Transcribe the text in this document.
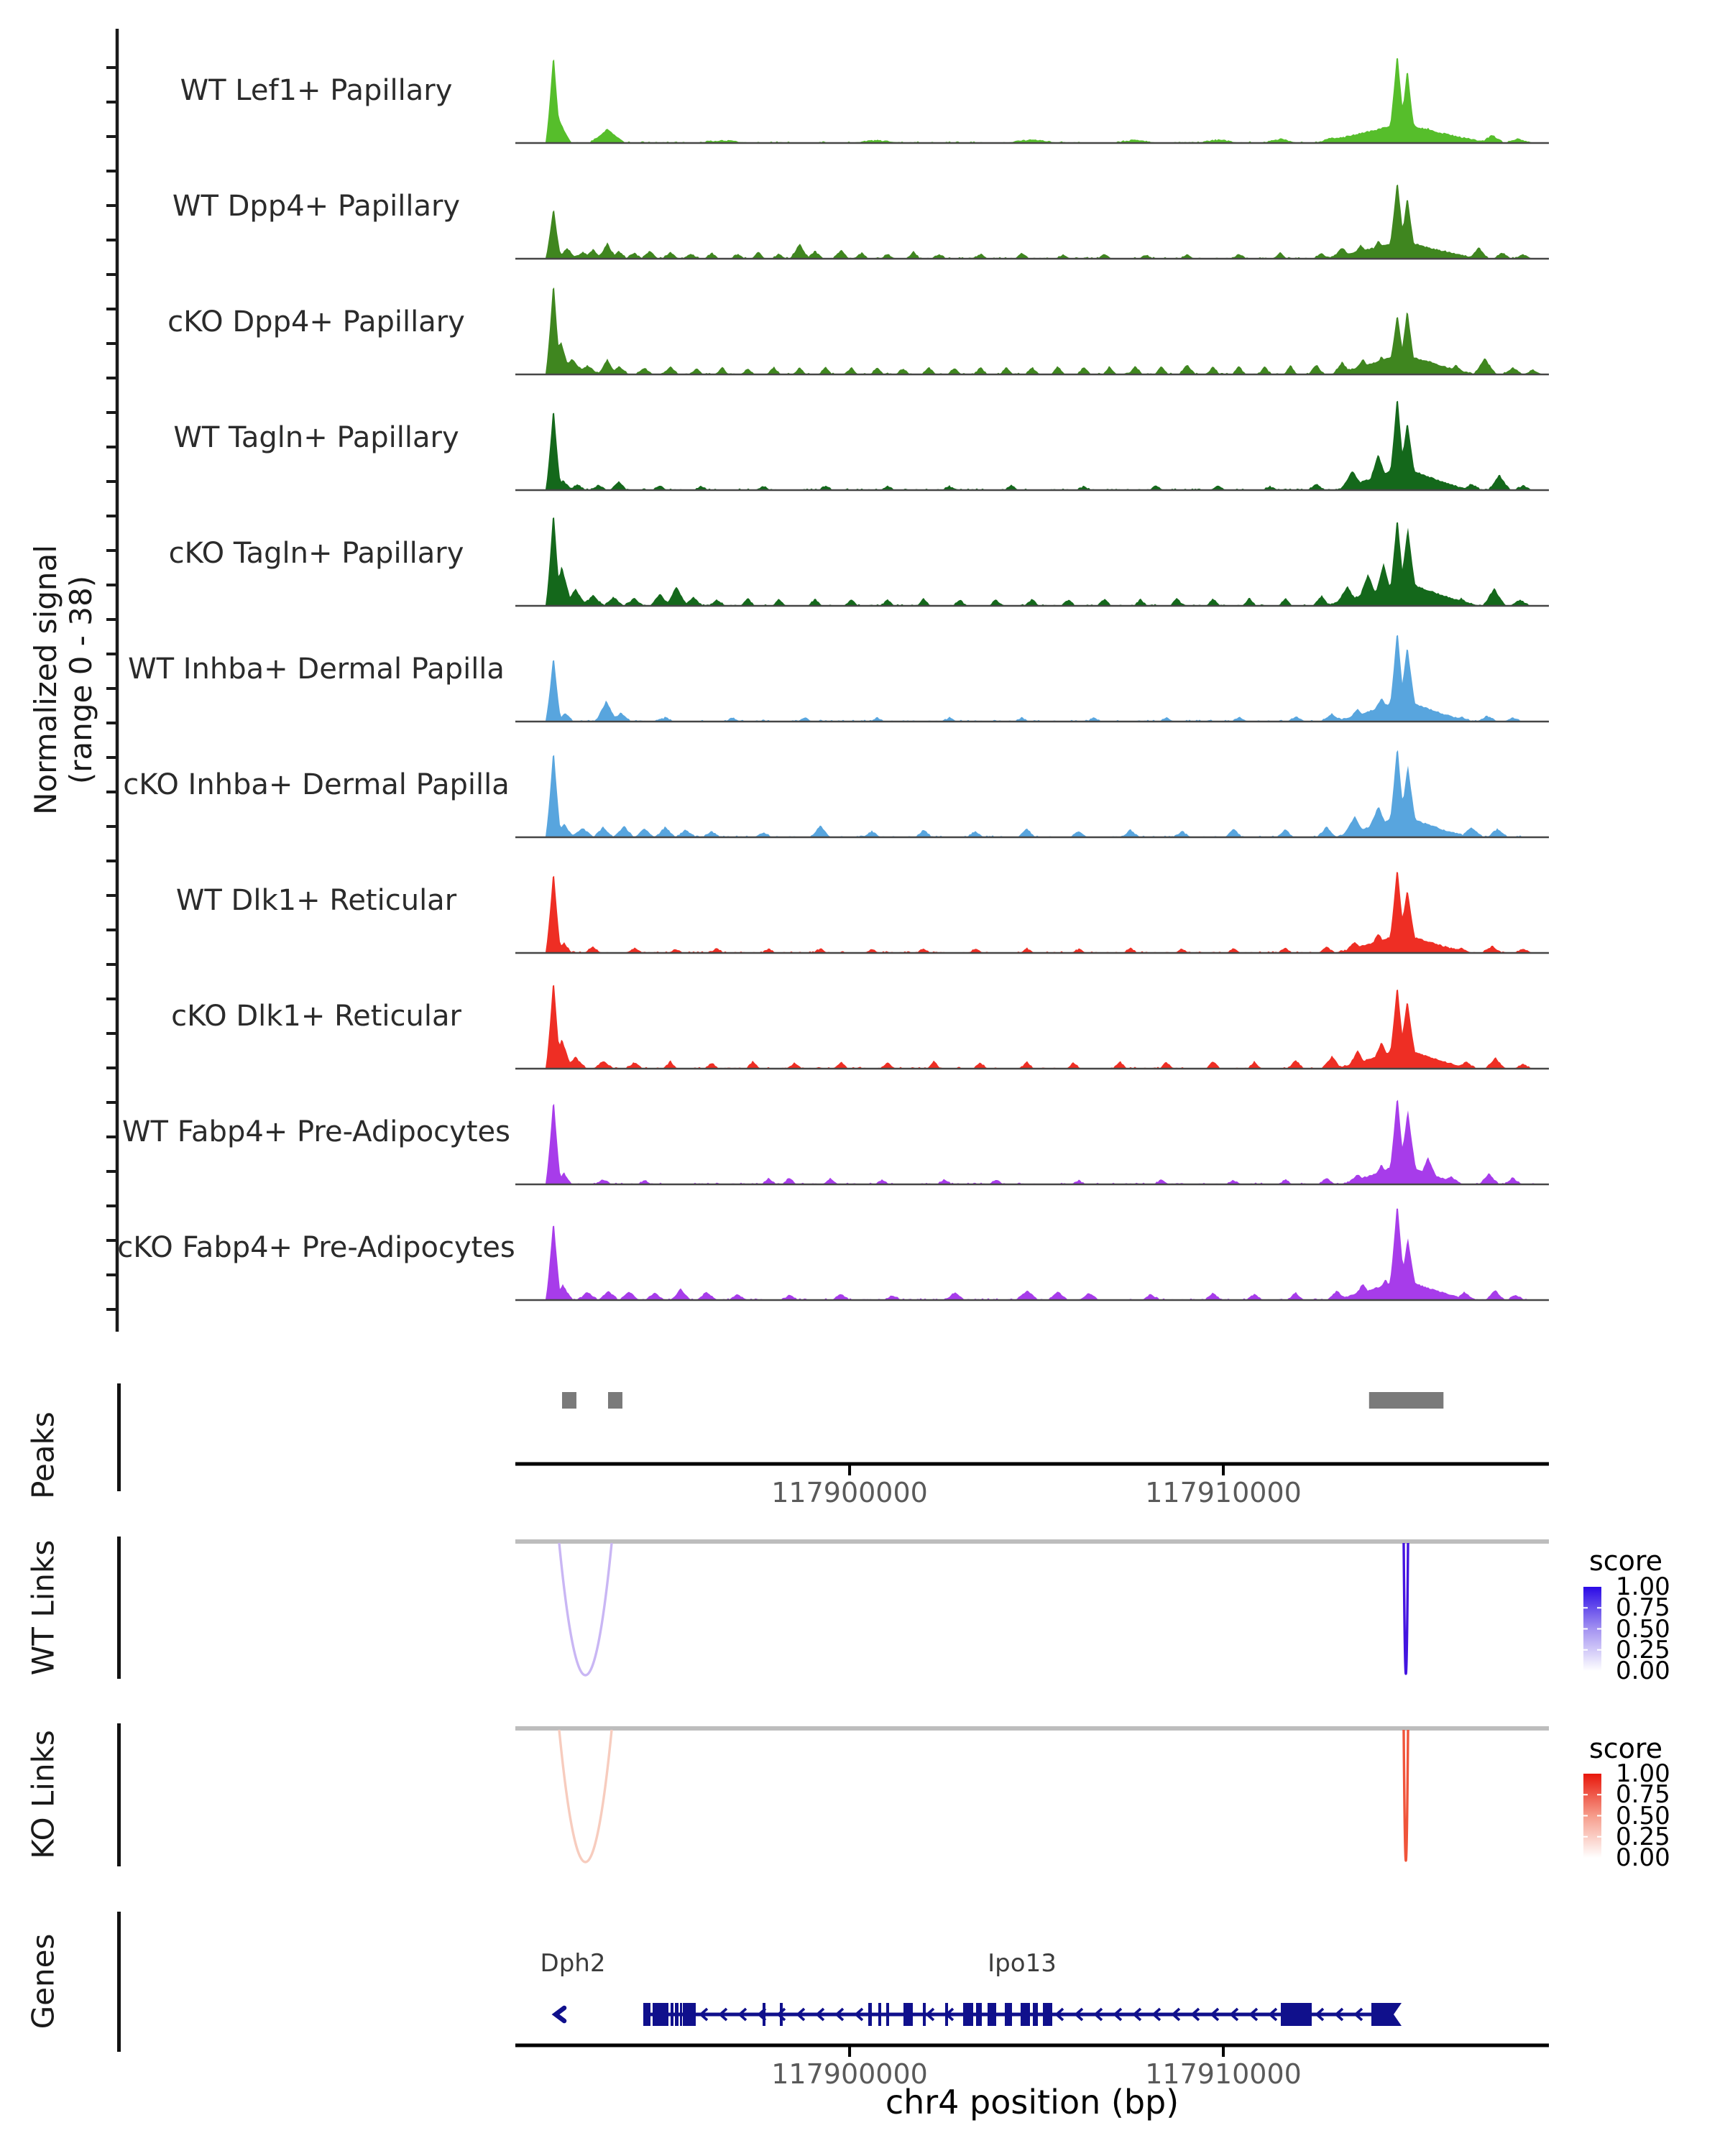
Normalized signal (range 0 - 38)
Peaks
WT Links
KO Links
Genes
score
score
chr4 position (bp)
WT Lef1+ Papillary
WT Dpp4+ Papillary
cKO Dpp4+ Papillary
WT Tagln+ Papillary
cKO Tagln+ Papillary
WT Inhba+ Dermal Papilla
cKO Inhba+ Dermal Papilla
WT Dlk1+ Reticular
cKO Dlk1+ Reticular
WT Fabp4+ Pre-Adipocytes
cKO Fabp4+ Pre-Adipocytes
117900000	117910000
117900000	117910000
1.00
0.75
0.50
0.25
0.00
1.00
0.75
0.50
0.25
0.00
Dph2	Ipo13
